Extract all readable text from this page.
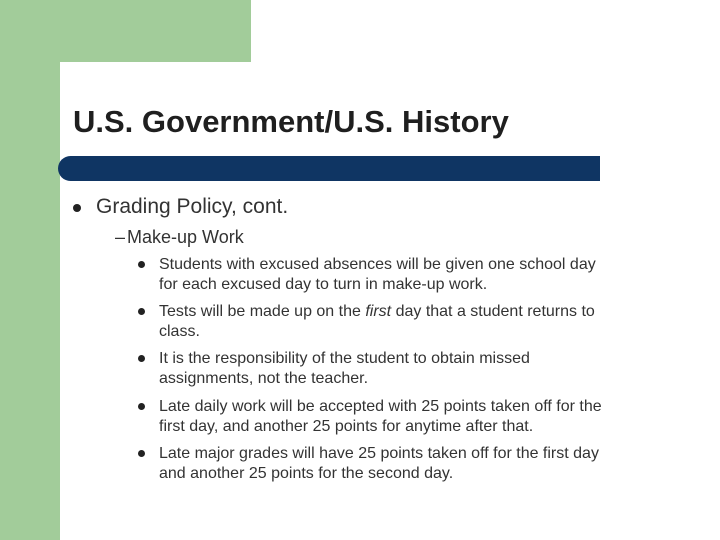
U.S. Government/U.S. History
Grading Policy, cont.
– Make-up Work
Students with excused absences will be given one school day
for each excused day to turn in make-up work.
Tests will be made up on the first day that a student returns to
class.
It is the responsibility of the student to obtain missed
assignments, not the teacher.
Late daily work will be accepted with 25 points taken off for the
first day, and another 25 points for anytime after that.
Late major grades will have 25 points taken off for the first day
and another 25 points for the second day.
